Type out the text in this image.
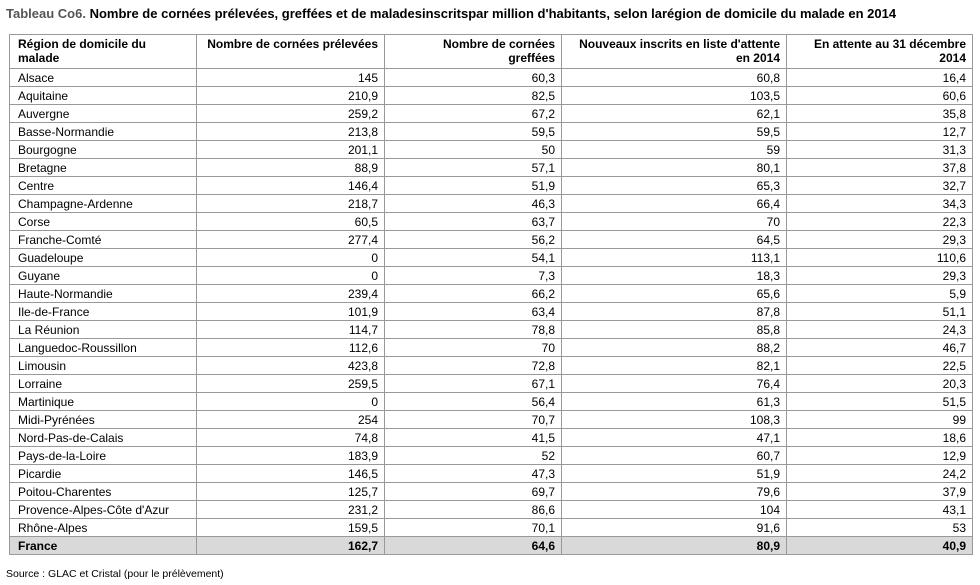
Tableau Co6. Nombre de cornées prélevées, greffées et de maladesinscritspar million d'habitants, selon larégion de domicile du malade en 2014
Région de domicile du malade	Nombre de cornées prélevées	Nombre de cornées greffées	Nouveaux inscrits en liste d'attente en 2014	En attente au 31 décembre 2014
Alsace	145	60,3	60,8	16,4
Aquitaine	210,9	82,5	103,5	60,6
Auvergne	259,2	67,2	62,1	35,8
Basse-Normandie	213,8	59,5	59,5	12,7
Bourgogne	201,1	50	59	31,3
Bretagne	88,9	57,1	80,1	37,8
Centre	146,4	51,9	65,3	32,7
Champagne-Ardenne	218,7	46,3	66,4	34,3
Corse	60,5	63,7	70	22,3
Franche-Comté	277,4	56,2	64,5	29,3
Guadeloupe	0	54,1	113,1	110,6
Guyane	0	7,3	18,3	29,3
Haute-Normandie	239,4	66,2	65,6	5,9
Ile-de-France	101,9	63,4	87,8	51,1
La Réunion	114,7	78,8	85,8	24,3
Languedoc-Roussillon	112,6	70	88,2	46,7
Limousin	423,8	72,8	82,1	22,5
Lorraine	259,5	67,1	76,4	20,3
Martinique	0	56,4	61,3	51,5
Midi-Pyrénées	254	70,7	108,3	99
Nord-Pas-de-Calais	74,8	41,5	47,1	18,6
Pays-de-la-Loire	183,9	52	60,7	12,9
Picardie	146,5	47,3	51,9	24,2
Poitou-Charentes	125,7	69,7	79,6	37,9
Provence-Alpes-Côte d'Azur	231,2	86,6	104	43,1
Rhône-Alpes	159,5	70,1	91,6	53
France	162,7	64,6	80,9	40,9
Source : GLAC et Cristal (pour le prélèvement)
